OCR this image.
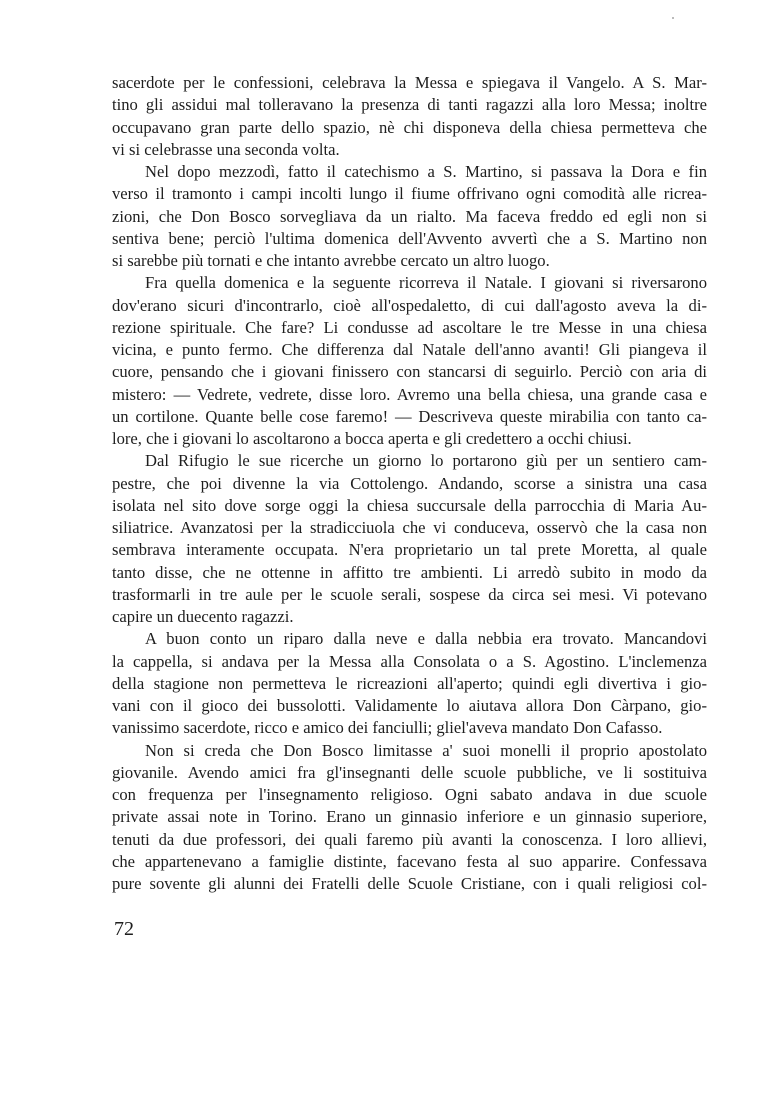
sacerdote per le confessioni, celebrava la Messa e spiegava il Vangelo. A S. Mar-
tino gli assidui mal tolleravano la presenza di tanti ragazzi alla loro Messa; inoltre
occupavano gran parte dello spazio, nè chi disponeva della chiesa permetteva che
vi si celebrasse una seconda volta.
Nel dopo mezzodì, fatto il catechismo a S. Martino, si passava la Dora e fin
verso il tramonto i campi incolti lungo il fiume offrivano ogni comodità alle ricrea-
zioni, che Don Bosco sorvegliava da un rialto. Ma faceva freddo ed egli non si
sentiva bene; perciò l'ultima domenica dell'Avvento avvertì che a S. Martino non
si sarebbe più tornati e che intanto avrebbe cercato un altro luogo.
Fra quella domenica e la seguente ricorreva il Natale. I giovani si riversarono
dov'erano sicuri d'incontrarlo, cioè all'ospedaletto, di cui dall'agosto aveva la di-
rezione spirituale. Che fare? Li condusse ad ascoltare le tre Messe in una chiesa
vicina, e punto fermo. Che differenza dal Natale dell'anno avanti! Gli piangeva il
cuore, pensando che i giovani finissero con stancarsi di seguirlo. Perciò con aria di
mistero: — Vedrete, vedrete, disse loro. Avremo una bella chiesa, una grande casa e
un cortilone. Quante belle cose faremo! — Descriveva queste mirabilia con tanto ca-
lore, che i giovani lo ascoltarono a bocca aperta e gli credettero a occhi chiusi.
Dal Rifugio le sue ricerche un giorno lo portarono giù per un sentiero cam-
pestre, che poi divenne la via Cottolengo. Andando, scorse a sinistra una casa
isolata nel sito dove sorge oggi la chiesa succursale della parrocchia di Maria Au-
siliatrice. Avanzatosi per la stradicciuola che vi conduceva, osservò che la casa non
sembrava interamente occupata. N'era proprietario un tal prete Moretta, al quale
tanto disse, che ne ottenne in affitto tre ambienti. Li arredò subito in modo da
trasformarli in tre aule per le scuole serali, sospese da circa sei mesi. Vi potevano
capire un duecento ragazzi.
A buon conto un riparo dalla neve e dalla nebbia era trovato. Mancandovi
la cappella, si andava per la Messa alla Consolata o a S. Agostino. L'inclemenza
della stagione non permetteva le ricreazioni all'aperto; quindi egli divertiva i gio-
vani con il gioco dei bussolotti. Validamente lo aiutava allora Don Càrpano, gio-
vanissimo sacerdote, ricco e amico dei fanciulli; gliel'aveva mandato Don Cafasso.
Non si creda che Don Bosco limitasse a' suoi monelli il proprio apostolato
giovanile. Avendo amici fra gl'insegnanti delle scuole pubbliche, ve li sostituiva
con frequenza per l'insegnamento religioso. Ogni sabato andava in due scuole
private assai note in Torino. Erano un ginnasio inferiore e un ginnasio superiore,
tenuti da due professori, dei quali faremo più avanti la conoscenza. I loro allievi,
che appartenevano a famiglie distinte, facevano festa al suo apparire. Confessava
pure sovente gli alunni dei Fratelli delle Scuole Cristiane, con i quali religiosi col-
72
